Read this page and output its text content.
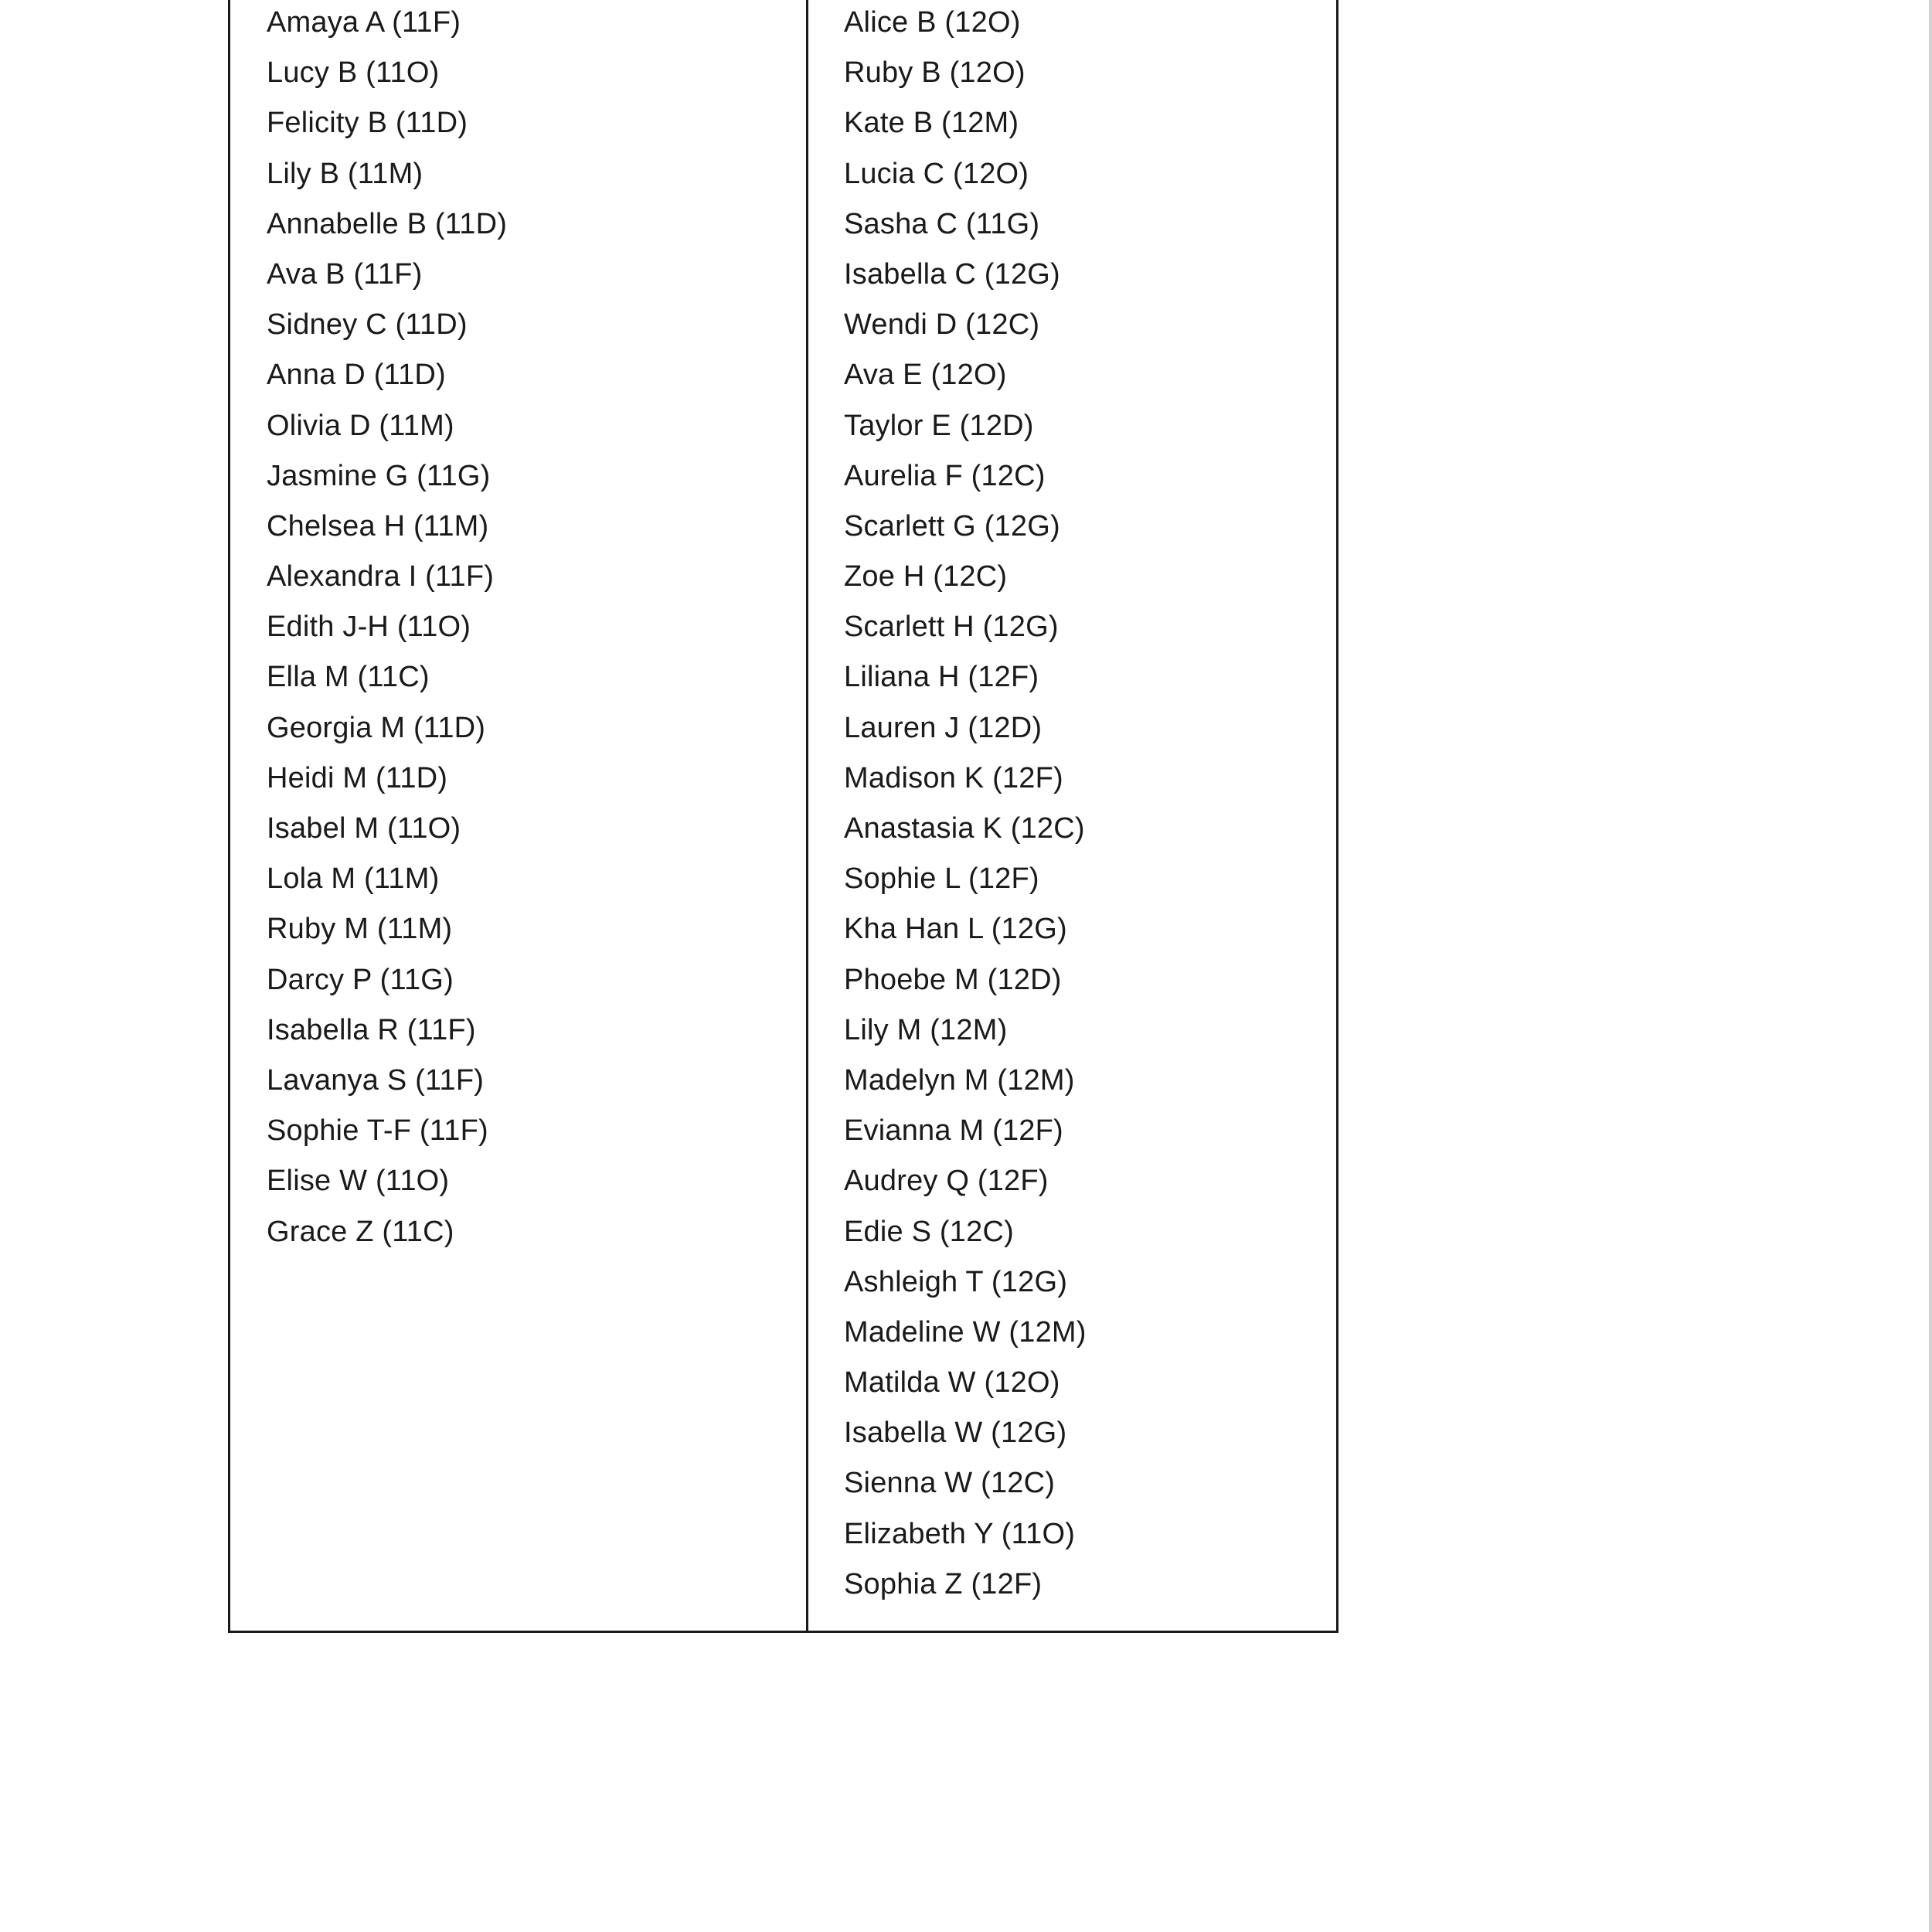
Amaya A (11F)
Lucy B (11O)
Felicity B (11D)
Lily B (11M)
Annabelle B (11D)
Ava B (11F)
Sidney C (11D)
Anna D (11D)
Olivia D (11M)
Jasmine G (11G)
Chelsea H (11M)
Alexandra I (11F)
Edith J-H (11O)
Ella M (11C)
Georgia M (11D)
Heidi M (11D)
Isabel M (11O)
Lola M (11M)
Ruby M (11M)
Darcy P (11G)
Isabella R (11F)
Lavanya S (11F)
Sophie T-F (11F)
Elise W (11O)
Grace Z (11C)
Alice B (12O)
Ruby B (12O)
Kate B (12M)
Lucia C (12O)
Sasha C (11G)
Isabella C (12G)
Wendi D (12C)
Ava E (12O)
Taylor E (12D)
Aurelia F (12C)
Scarlett G (12G)
Zoe H (12C)
Scarlett H (12G)
Liliana H (12F)
Lauren J (12D)
Madison K (12F)
Anastasia K (12C)
Sophie L (12F)
Kha Han L (12G)
Phoebe M (12D)
Lily M (12M)
Madelyn M (12M)
Evianna M (12F)
Audrey Q (12F)
Edie S (12C)
Ashleigh T (12G)
Madeline W (12M)
Matilda W (12O)
Isabella W (12G)
Sienna W (12C)
Elizabeth Y (11O)
Sophia Z (12F)
